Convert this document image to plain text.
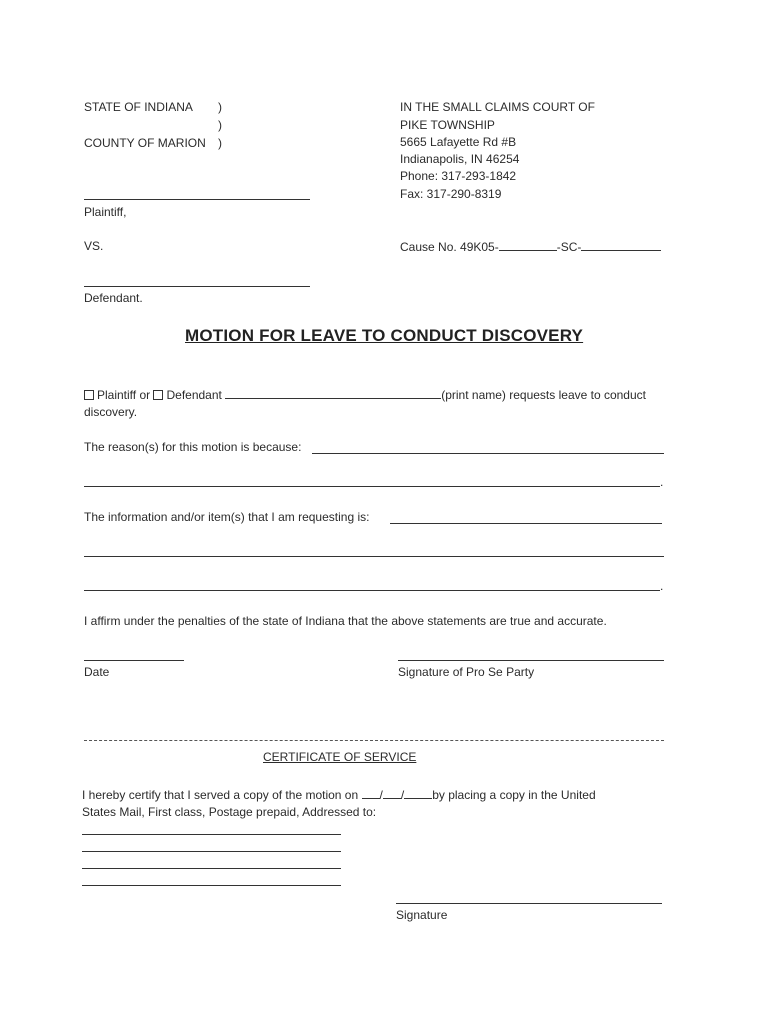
STATE OF INDIANA )
)
COUNTY OF MARION )
Plaintiff,
VS.
Defendant.
IN THE SMALL CLAIMS COURT OF
PIKE TOWNSHIP
5665 Lafayette Rd #B
Indianapolis, IN 46254
Phone: 317-293-1842
Fax: 317-290-8319
Cause No. 49K05-	-SC-
MOTION FOR LEAVE TO CONDUCT DISCOVERY
Plaintiff or Defendant	(print name) requests leave to conduct
discovery.
The reason(s) for this motion is because:
.
The information and/or item(s) that I am requesting is:
.
I affirm under the penalties of the state of Indiana that the above statements are true and accurate.
Date	Signature of Pro Se Party
CERTIFICATE OF SERVICE
I hereby certify that I served a copy of the motion on / / by placing a copy in the United
States Mail, First class, Postage prepaid, Addressed to:
Signature
